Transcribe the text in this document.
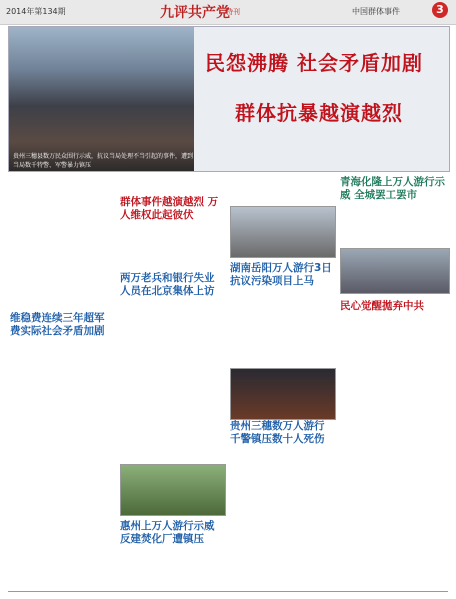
2014年第134期	九评共产党
特刊	中国群体事件	3
贵州三穗县数万民众围行示威，抗议当局处理不当引起的事件，遭到当局数千特警、军警暴力镇压
民怨沸腾 社会矛盾加剧
群体抗暴越演越烈
维稳费连续三年超军费实际社会矛盾加剧
群体事件越演越烈 万人维权此起彼伏
两万老兵和银行失业人员在北京集体上访
惠州上万人游行示威反建焚化厂遭镇压
湖南岳阳万人游行3日抗议污染项目上马
贵州三穗数万人游行千警镇压数十人死伤
青海化隆上万人游行示威 全城罢工罢市
民心觉醒拋弃中共
